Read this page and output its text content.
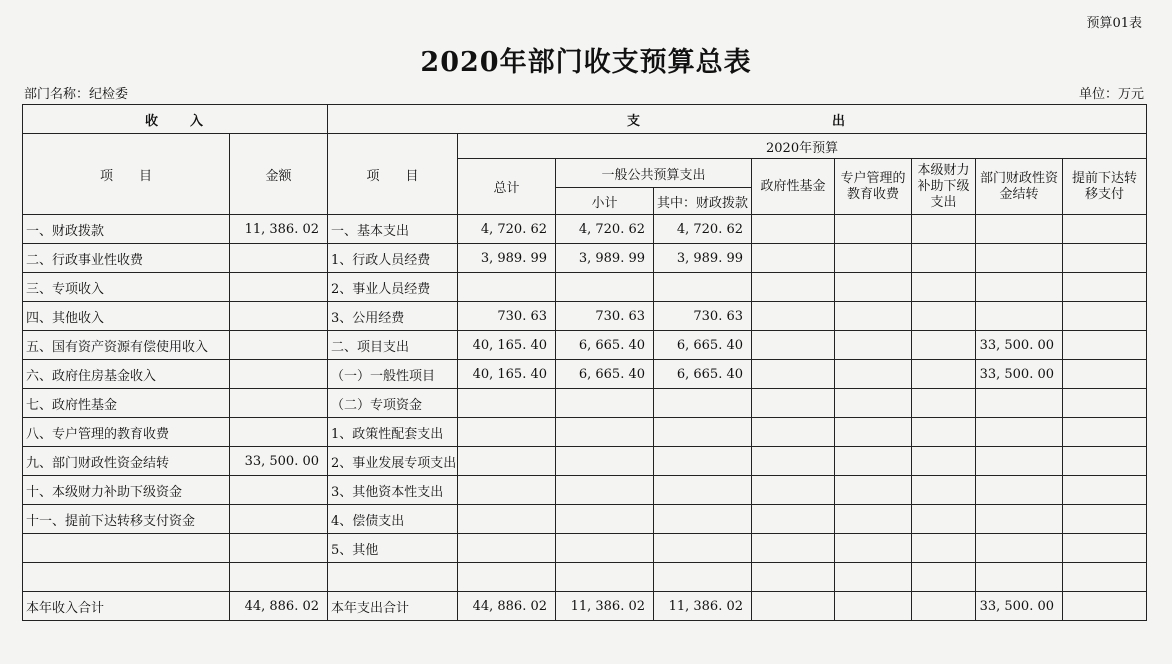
预算01表
2020年部门收支预算总表
部门名称：纪检委	单位：万元
收　　入		支 出								
项　　目	金额	项　　目	2020年预算							
			总计	一般公共预算支出		政府性基金	专户管理的教育收费	本级财力补助下级支出	部门财政性资金结转	提前下达转移支付
				小计	其中：财政拨款					
一、财政拨款	11, 386. 02	一、基本支出	4, 720. 62	4, 720. 62	4, 720. 62					
二、行政事业性收费		1、行政人员经费	3, 989. 99	3, 989. 99	3, 989. 99					
三、专项收入		2、事业人员经费								
四、其他收入		3、公用经费	730. 63	730. 63	730. 63					
五、国有资产资源有偿使用收入		二、项目支出	40, 165. 40	6, 665. 40	6, 665. 40				33, 500. 00	
六、政府住房基金收入		（一）一般性项目	40, 165. 40	6, 665. 40	6, 665. 40				33, 500. 00	
七、政府性基金		（二）专项资金								
八、专户管理的教育收费		1、政策性配套支出								
九、部门财政性资金结转	33, 500. 00	2、事业发展专项支出								
十、本级财力补助下级资金		3、其他资本性支出								
十一、提前下达转移支付资金		4、偿债支出								
		5、其他								

本年收入合计	44, 886. 02	本年支出合计	44, 886. 02	11, 386. 02	11, 386. 02				33, 500. 00	
